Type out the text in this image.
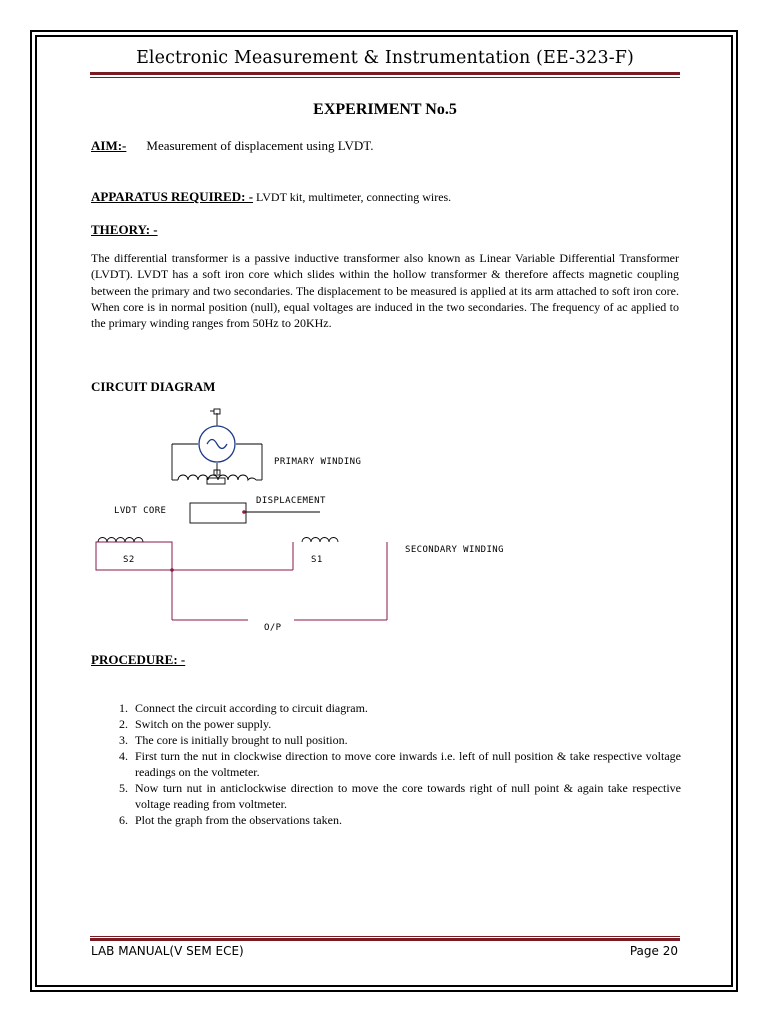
Electronic Measurement & Instrumentation (EE-323-F)
EXPERIMENT No.5
AIM:- Measurement of displacement using LVDT.
APPARATUS REQUIRED: - LVDT kit, multimeter, connecting wires.
THEORY: -
The differential transformer is a passive inductive transformer also known as Linear Variable Differential Transformer (LVDT). LVDT has a soft iron core which slides within the hollow transformer & therefore affects magnetic coupling between the primary and two secondaries. The displacement to be measured is applied at its arm attached to soft iron core. When core is in normal position (null), equal voltages are induced in the two secondaries. The frequency of ac applied to the primary winding ranges from 50Hz to 20KHz.
CIRCUIT DIAGRAM
PRIMARY WINDING
DISPLACEMENT
LVDT CORE
S2	S1
SECONDARY WINDING
O/P
PROCEDURE: -
1. Connect the circuit according to circuit diagram.
2. Switch on the power supply.
3. The core is initially brought to null position.
4. First turn the nut in clockwise direction to move core inwards i.e. left of null position & take respective voltage readings on the voltmeter.
5. Now turn nut in anticlockwise direction to move the core towards right of null point & again take respective voltage reading from voltmeter.
6. Plot the graph from the observations taken.
LAB MANUAL(V SEM ECE)	Page 20
